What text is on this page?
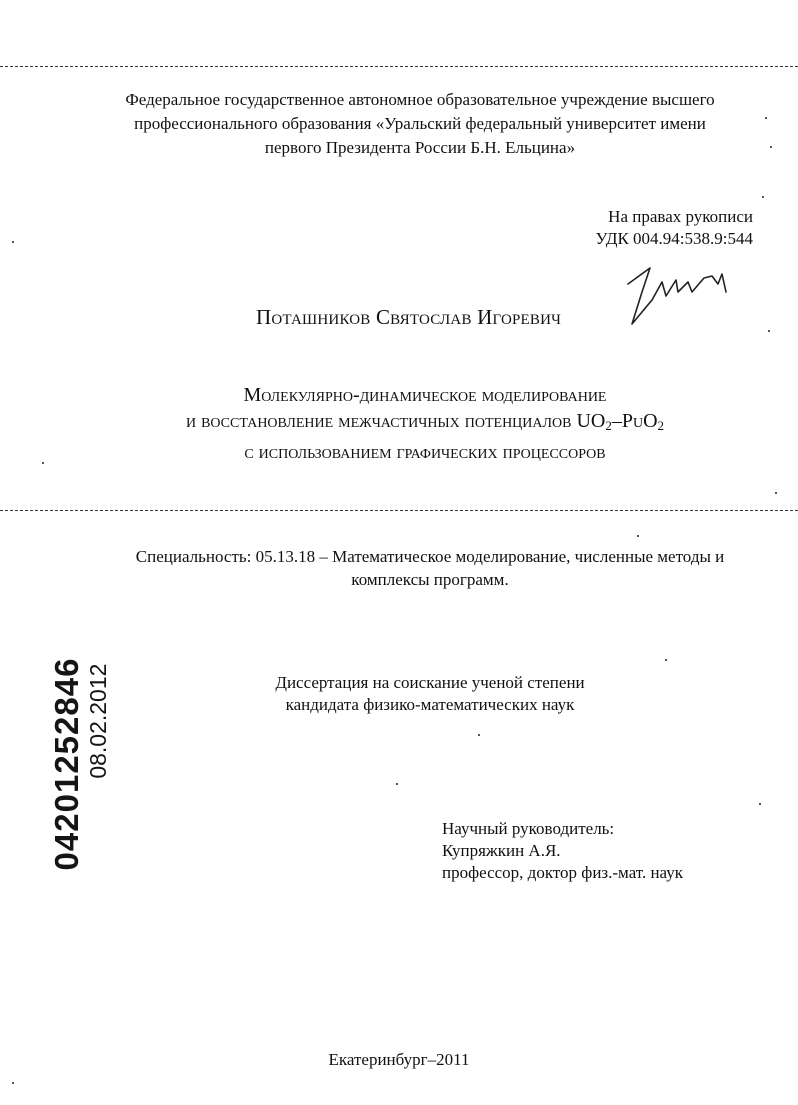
Федеральное государственное автономное образовательное учреждение высшего
профессионального образования «Уральский федеральный университет имени
первого Президента России Б.Н. Ельцина»
На правах рукописи
УДК 004.94:538.9:544
Поташников Святослав Игоревич
Молекулярно-динамическое моделирование
и восстановление межчастичных потенциалов $UO_2-PuO_2$
с использованием графических процессоров
Специальность: 05.13.18 – Математическое моделирование, численные методы и
комплексы программ.
Диссертация на соискание ученой степени
кандидата физико-математических наук
Научный руководитель:
Купряжкин А.Я.
профессор, доктор физ.-мат. наук
04201252846 08.02.2012
Екатеринбург–2011
